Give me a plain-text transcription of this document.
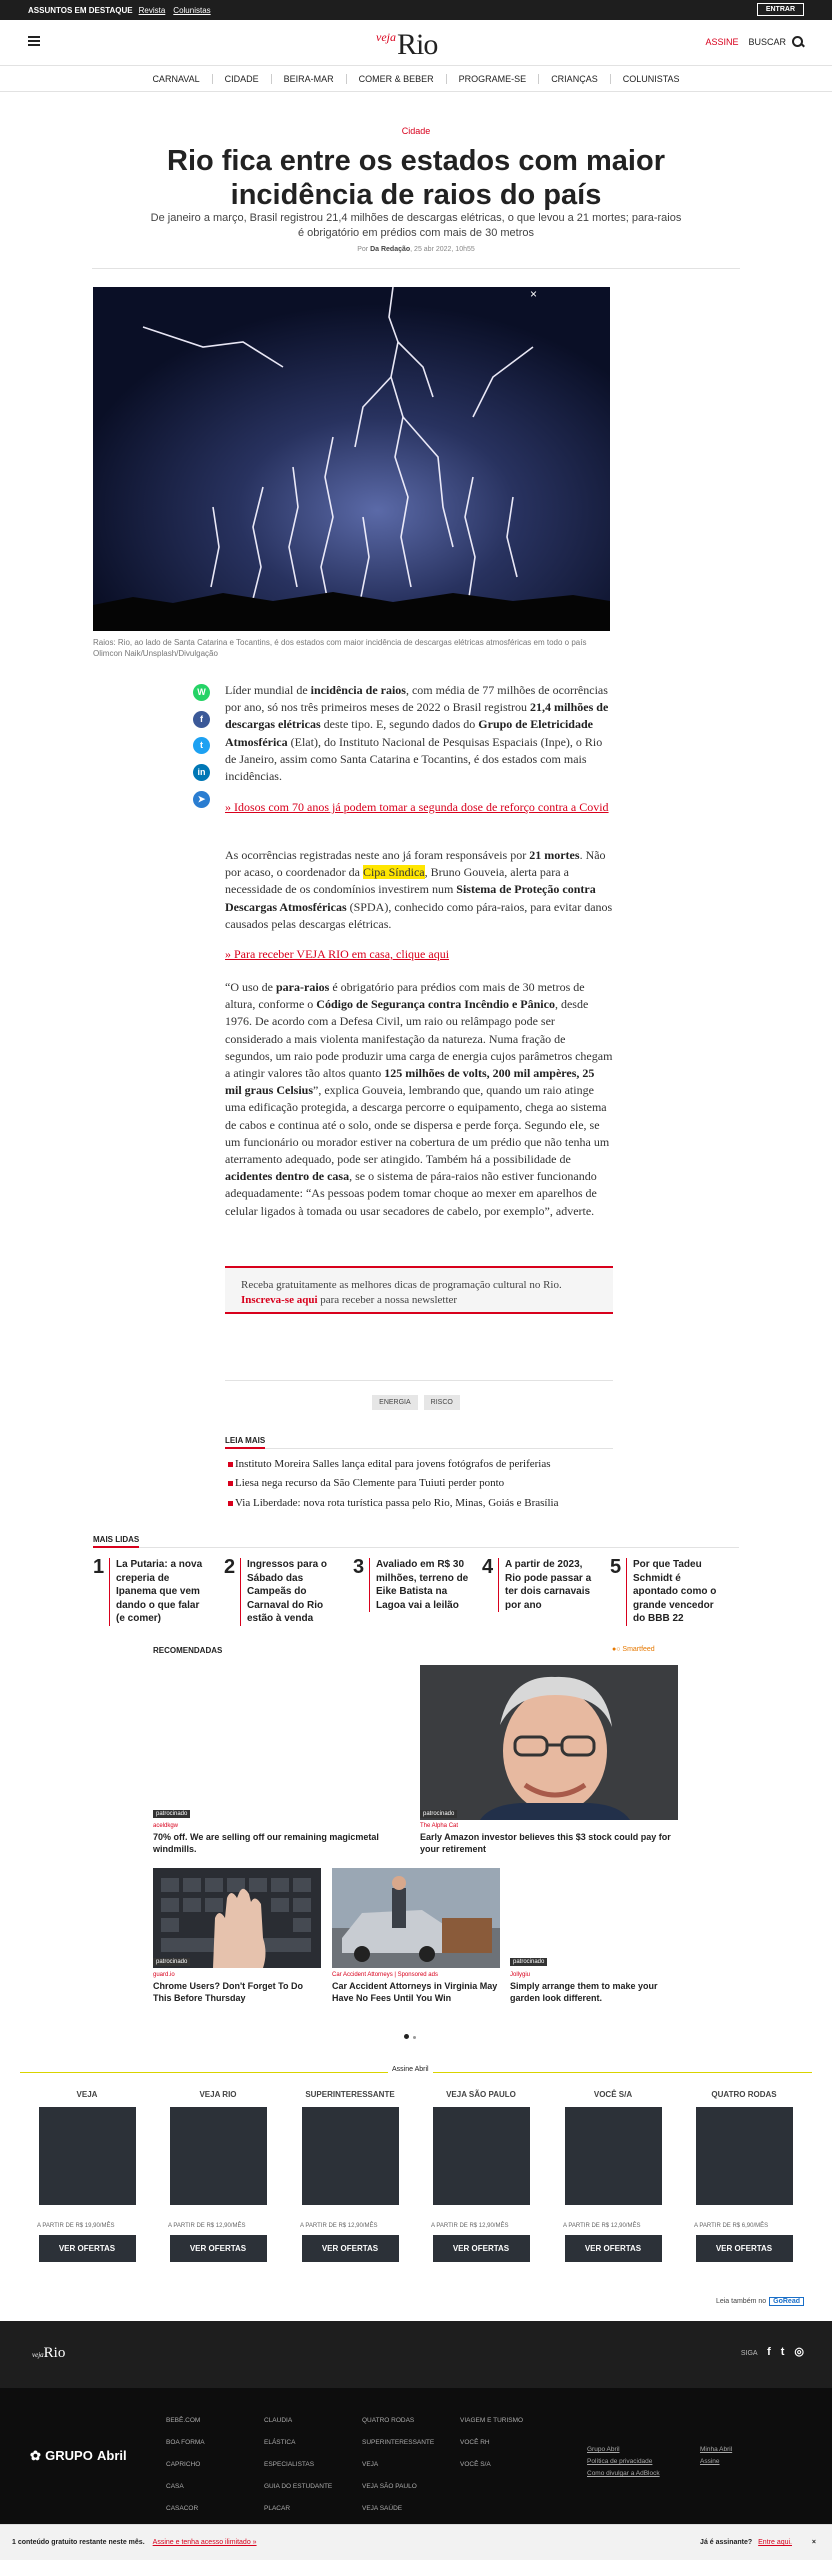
ASSUNTOS EM DESTAQUE Revista Colunistas	ENTRAR
veja Rio	ASSINE BUSCAR
CARNAVAL	CIDADE	BEIRA-MAR	COMER & BEBER	PROGRAME-SE	CRIANÇAS	COLUNISTAS
Cidade
Rio fica entre os estados com maior incidência de raios do país

De janeiro a março, Brasil registrou 21,4 milhões de descargas elétricas, o que levou a 21 mortes; para-raios é obrigatório em prédios com mais de 30 metros

Por Da Redação, 25 abr 2022, 10h55
×

Raios: Rio, ao lado de Santa Catarina e Tocantins, é dos estados com maior incidência de descargas elétricas atmosféricas em todo o país Olimcon Naik/Unsplash/Divulgação

W
f
t
in
➤

Líder mundial de incidência de raios, com média de 77 milhões de ocorrências por ano, só nos três primeiros meses de 2022 o Brasil registrou 21,4 milhões de descargas elétricas deste tipo. E, segundo dados do Grupo de Eletricidade Atmosférica (Elat), do Instituto Nacional de Pesquisas Espaciais (Inpe), o Rio de Janeiro, assim como Santa Catarina e Tocantins, é dos estados com mais incidências.

» Idosos com 70 anos já podem tomar a segunda dose de reforço contra a Covid

As ocorrências registradas neste ano já foram responsáveis por 21 mortes. Não por acaso, o coordenador da Cipa Síndica, Bruno Gouveia, alerta para a necessidade de os condomínios investirem num Sistema de Proteção contra Descargas Atmosféricas (SPDA), conhecido como pára-raios, para evitar danos causados pelas descargas elétricas.

» Para receber VEJA RIO em casa, clique aqui

“O uso de para-raios é obrigatório para prédios com mais de 30 metros de altura, conforme o Código de Segurança contra Incêndio e Pânico, desde 1976. De acordo com a Defesa Civil, um raio ou relâmpago pode ser considerado a mais violenta manifestação da natureza. Numa fração de segundos, um raio pode produzir uma carga de energia cujos parâmetros chegam a atingir valores tão altos quanto 125 milhões de volts, 200 mil ampères, 25 mil graus Celsius”, explica Gouveia, lembrando que, quando um raio atinge uma edificação protegida, a descarga percorre o equipamento, chega ao sistema de cabos e continua até o solo, onde se dispersa e perde força. Segundo ele, se um funcionário ou morador estiver na cobertura de um prédio que não tenha um aterramento adequado, pode ser atingido. Também há a possibilidade de acidentes dentro de casa, se o sistema de pára-raios não estiver funcionando adequadamente: “As pessoas podem tomar choque ao mexer em aparelhos de celular ligados à tomada ou usar secadores de cabelo, por exemplo”, adverte.

Receba gratuitamente as melhores dicas de programação cultural no Rio. Inscreva-se aqui para receber a nossa newsletter
ENERGIA	RISCO
LEIA MAIS
Instituto Moreira Salles lança edital para jovens fotógrafos de periferias
Liesa nega recurso da São Clemente para Tuiuti perder ponto
Via Liberdade: nova rota turística passa pelo Rio, Minas, Goiás e Brasília
MAIS LIDAS
1	La Putaria: a nova creperia de Ipanema que vem dando o que falar (e comer)
2	Ingressos para o Sábado das Campeãs do Carnaval do Rio estão à venda
3	Avaliado em R$ 30 milhões, terreno de Eike Batista na Lagoa vai a leilão
4	A partir de 2023, Rio pode passar a ter dois carnavais por ano
5	Por que Tadeu Schmidt é apontado como o grande vencedor do BBB 22
RECOMENDADAS	●○ Smartfeed
patrocinado
aceldkgw
70% off. We are selling off our remaining magicmetal windmills.
patrocinado
The Alpha Cat
Early Amazon investor believes this $3 stock could pay for your retirement
patrocinado
guard.io
Chrome Users? Don't Forget To Do This Before Thursday
Car Accident Attorneys | Sponsored ads
Car Accident Attorneys in Virginia May Have No Fees Until You Win
patrocinado
Jollygiu
Simply arrange them to make your garden look different.
Assine Abril
VEJA
A PARTIR DE R$ 19,90/MÊS
VER OFERTAS
VEJA RIO
A PARTIR DE R$ 12,90/MÊS
VER OFERTAS
SUPERINTERESSANTE
A PARTIR DE R$ 12,90/MÊS
VER OFERTAS
VEJA SÃO PAULO
A PARTIR DE R$ 12,90/MÊS
VER OFERTAS
VOCÊ S/A
A PARTIR DE R$ 12,90/MÊS
VER OFERTAS
QUATRO RODAS
A PARTIR DE R$ 6,90/MÊS
VER OFERTAS
Leia também no GoRead
vejaRio	SIGA f t ◎
✿ GRUPO Abril
BEBÊ.COM
BOA FORMA
CAPRICHO
CASA
CASACOR
CLAUDIA
ELÁSTICA
ESPECIALISTAS
GUIA DO ESTUDANTE
PLACAR
QUATRO RODAS
SUPERINTERESSANTE
VEJA
VEJA SÃO PAULO
VEJA SAÚDE
VIAGEM E TURISMO
VOCÊ RH
VOCÊ S/A
Grupo Abril
Política de privacidade
Como divulgar a AdBlock
Minha Abril
Assine
1 conteúdo gratuito restante neste mês. Assine e tenha acesso ilimitado »	Já é assinante? Entre aqui.	×
